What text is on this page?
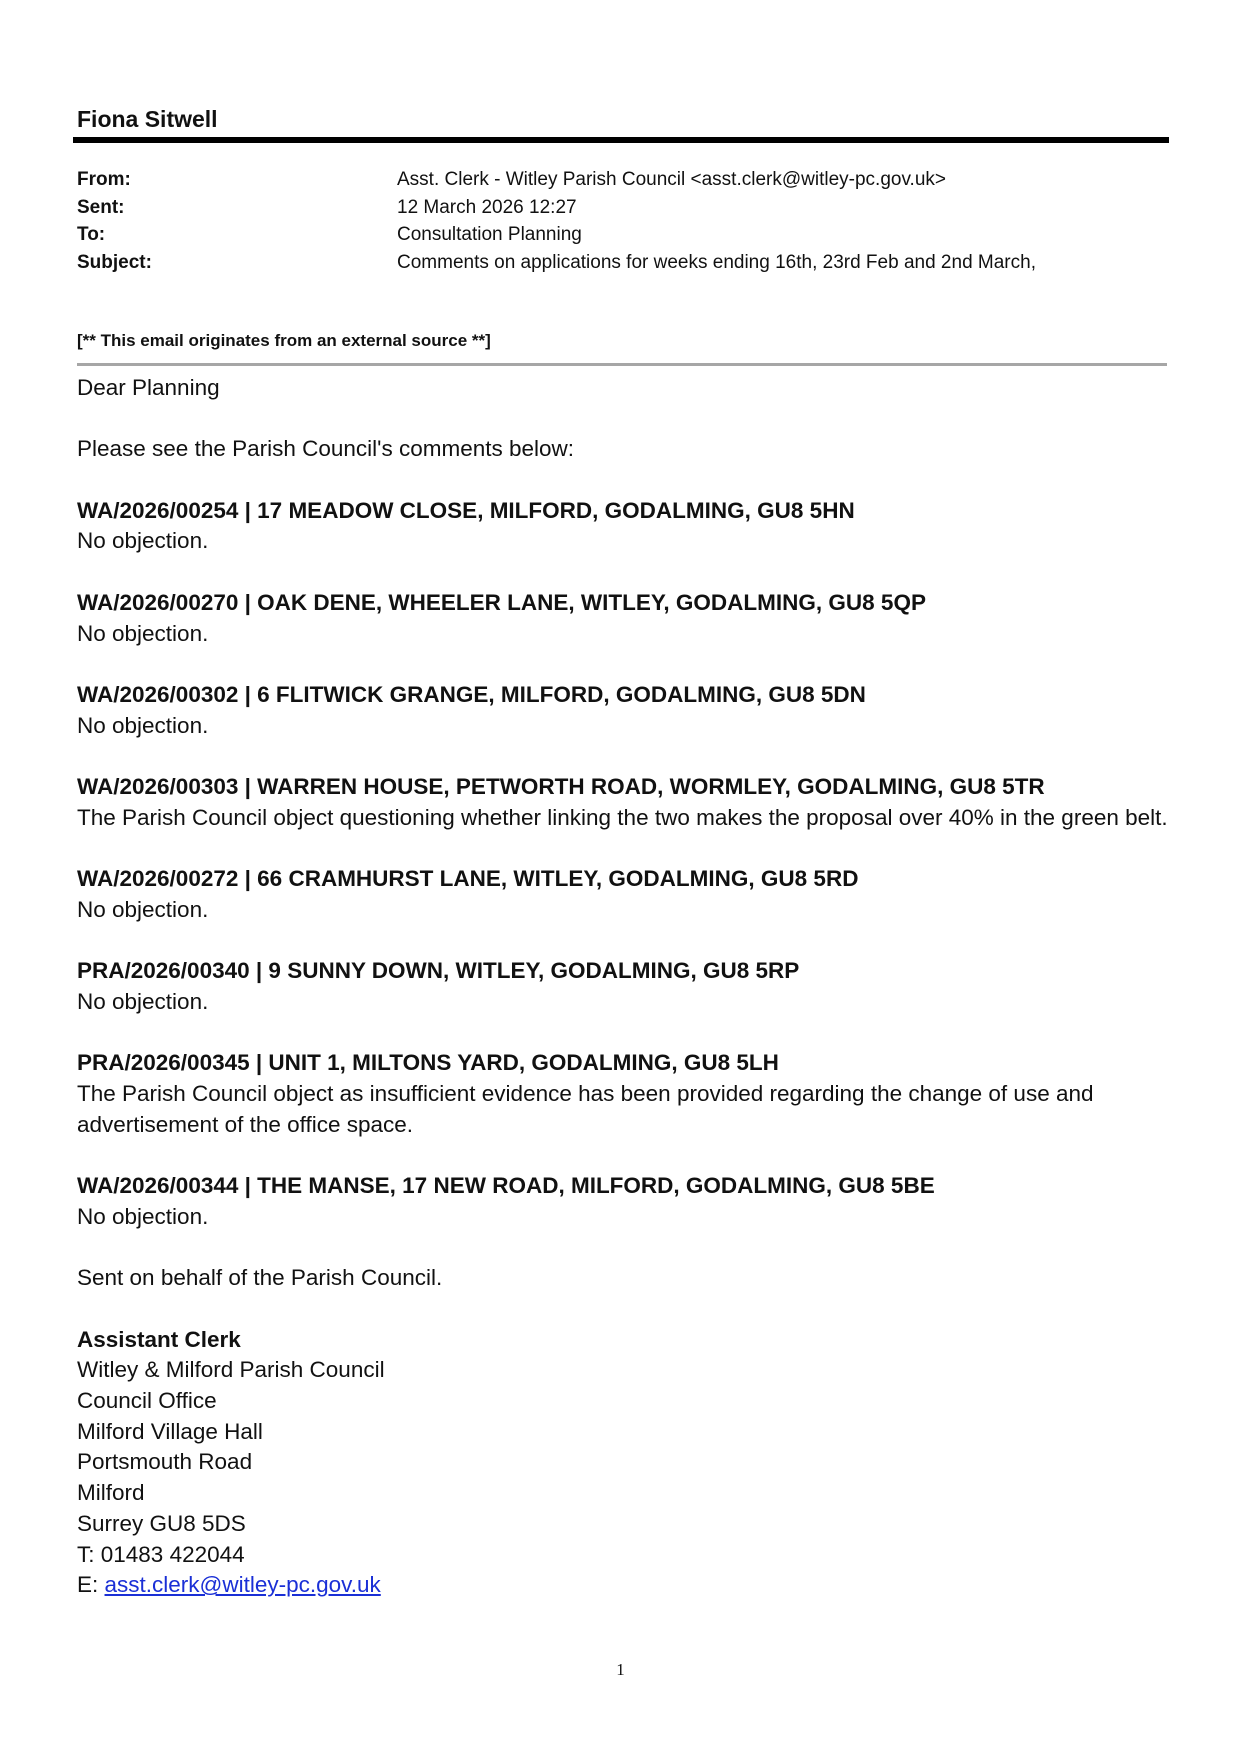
Fiona Sitwell
From:	Asst. Clerk - Witley Parish Council <asst.clerk@witley-pc.gov.uk>
Sent:	12 March 2026 12:27
To:	Consultation Planning
Subject:	Comments on applications for weeks ending 16th, 23rd Feb and 2nd March,
[** This email originates from an external source **]

Dear Planning

Please see the Parish Council's comments below:

WA/2026/00254 | 17 MEADOW CLOSE, MILFORD, GODALMING, GU8 5HN

No objection.

WA/2026/00270 | OAK DENE, WHEELER LANE, WITLEY, GODALMING, GU8 5QP

No objection.

WA/2026/00302 | 6 FLITWICK GRANGE, MILFORD, GODALMING, GU8 5DN

No objection.

WA/2026/00303 | WARREN HOUSE, PETWORTH ROAD, WORMLEY, GODALMING, GU8 5TR

The Parish Council object questioning whether linking the two makes the proposal over 40% in the green belt.

WA/2026/00272 | 66 CRAMHURST LANE, WITLEY, GODALMING, GU8 5RD

No objection.

PRA/2026/00340 | 9 SUNNY DOWN, WITLEY, GODALMING, GU8 5RP

No objection.

PRA/2026/00345 | UNIT 1, MILTONS YARD, GODALMING, GU8 5LH

The Parish Council object as insufficient evidence has been provided regarding the change of use and advertisement of the office space.

WA/2026/00344 | THE MANSE, 17 NEW ROAD, MILFORD, GODALMING, GU8 5BE

No objection.

Sent on behalf of the Parish Council.

Assistant Clerk

Witley & Milford Parish Council

Council Office

Milford Village Hall

Portsmouth Road

Milford

Surrey GU8 5DS

T: 01483 422044

E: asst.clerk@witley-pc.gov.uk

1
